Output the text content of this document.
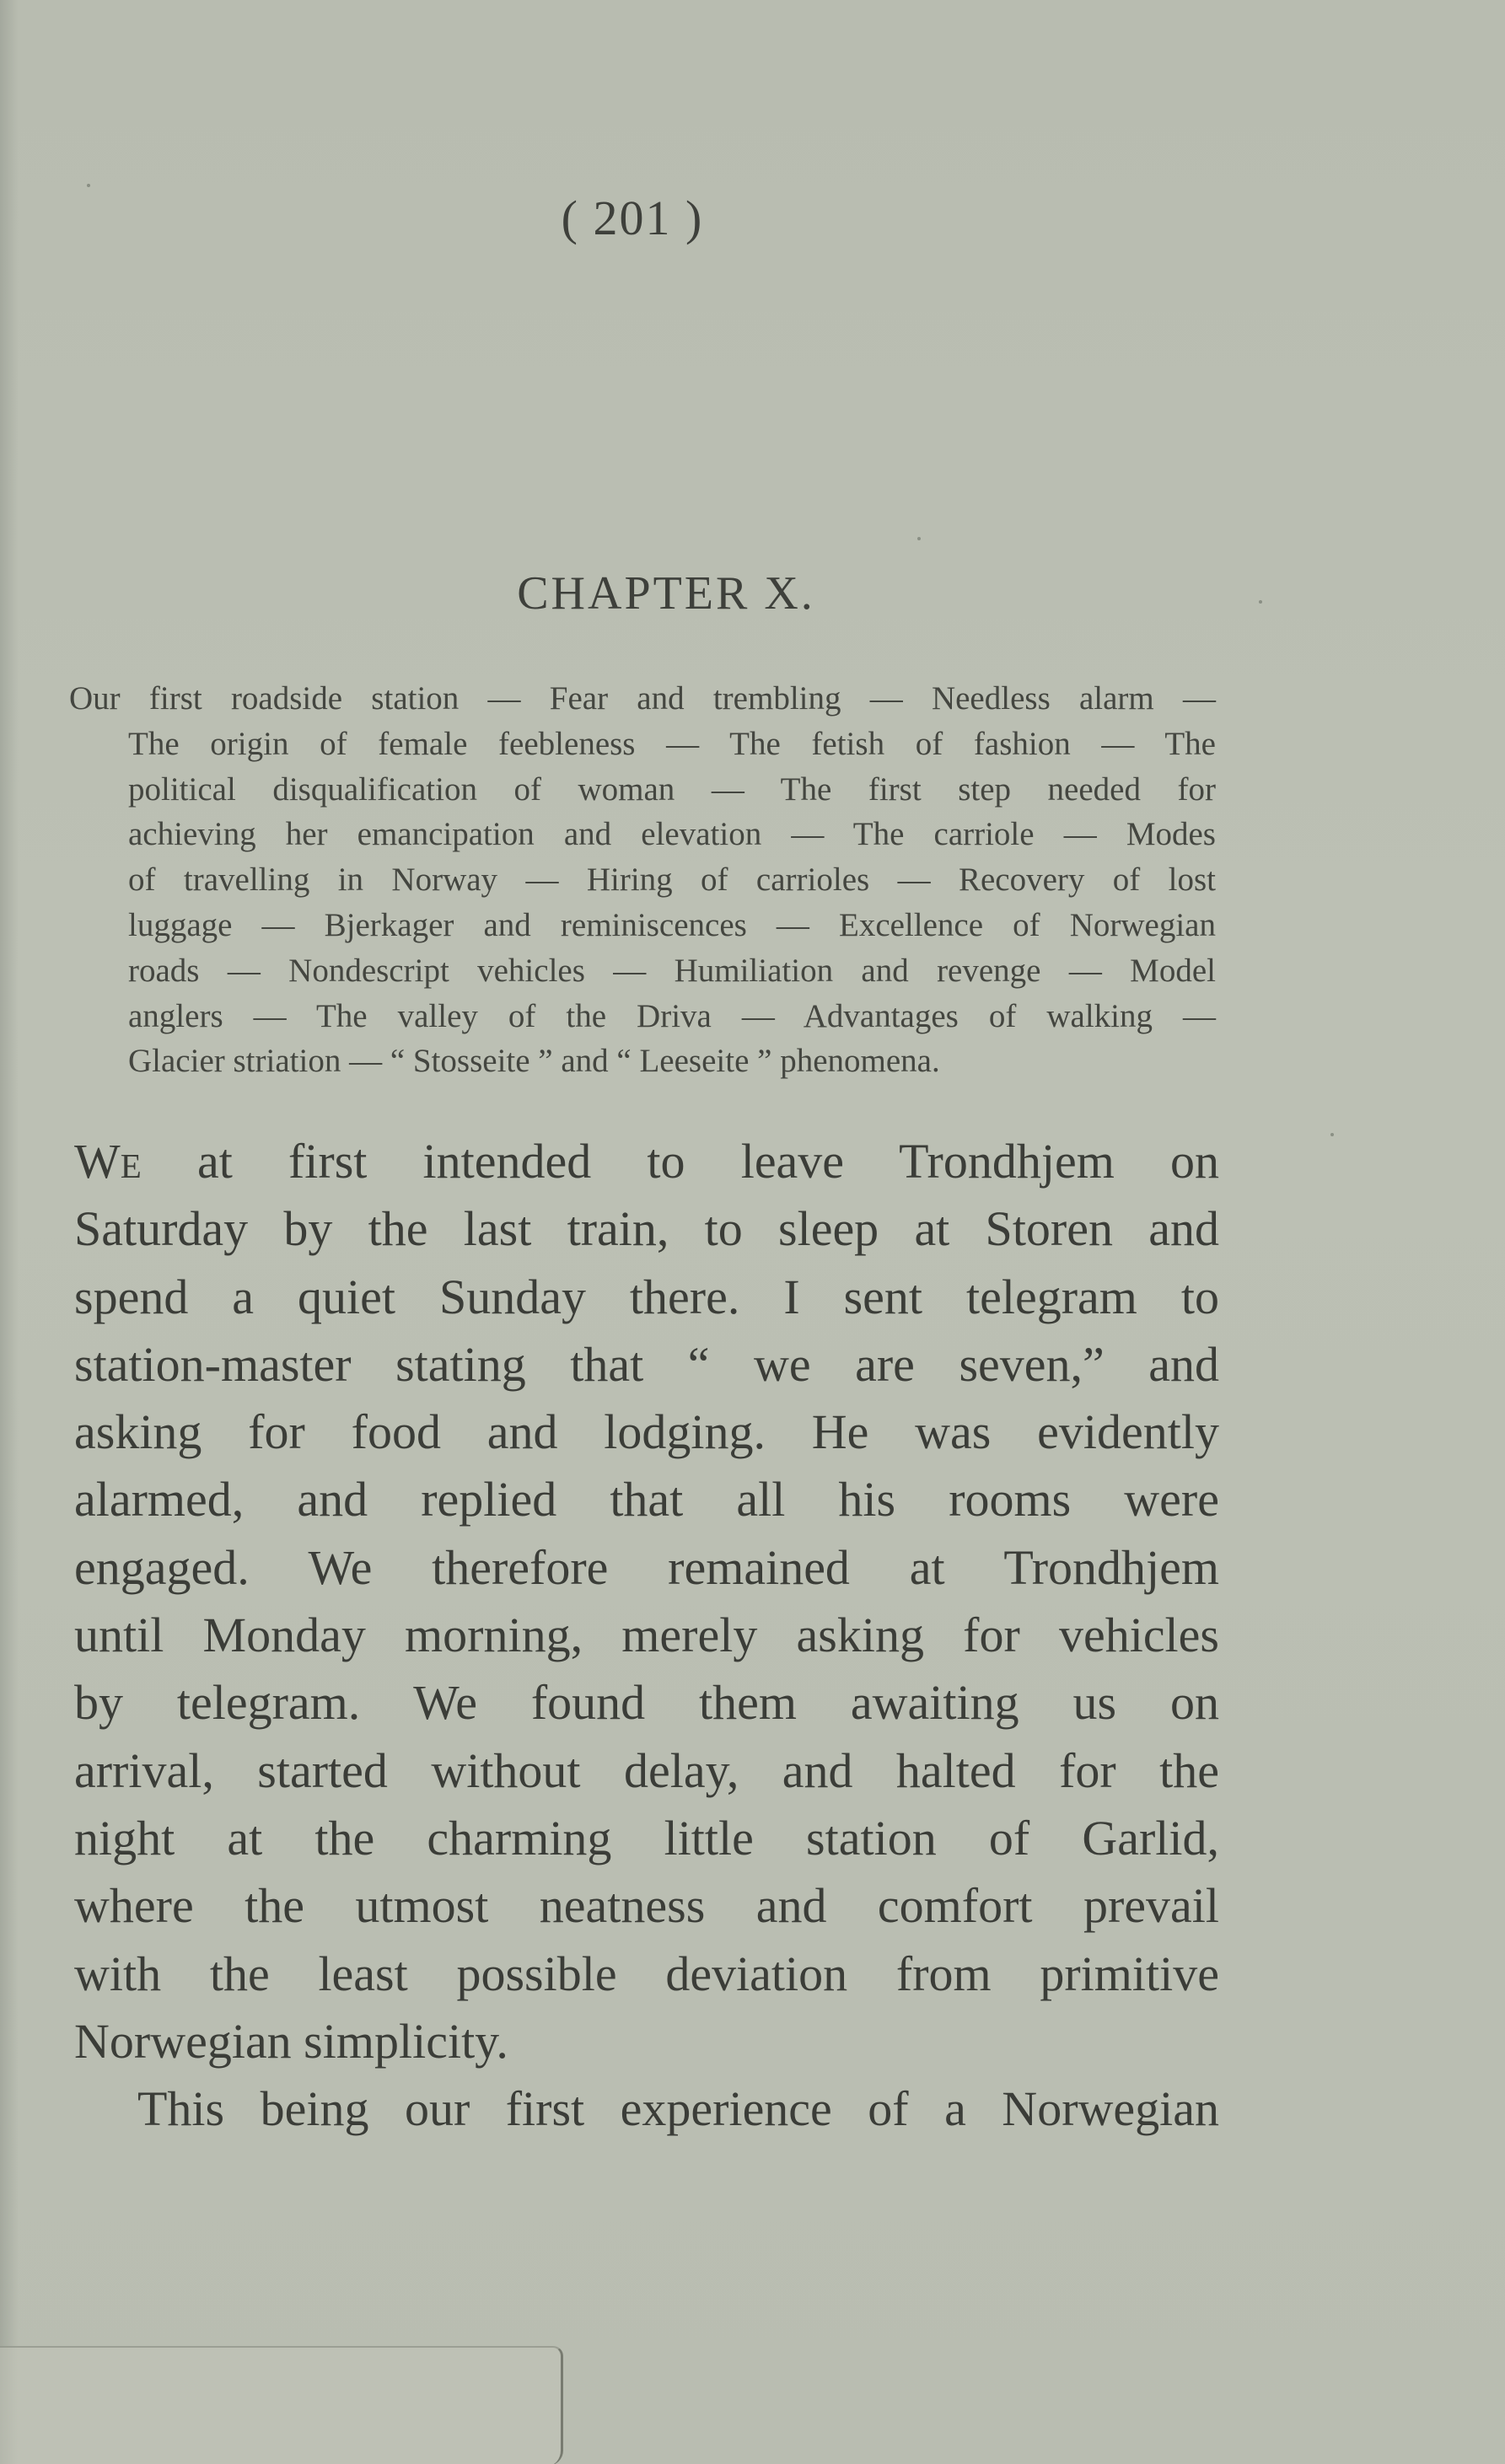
( 201 )
CHAPTER X.
Our first roadside station — Fear and trembling — Needless alarm —
The origin of female feebleness — The fetish of fashion — The
political disqualification of woman — The first step needed for
achieving her emancipation and elevation — The carriole — Modes
of travelling in Norway — Hiring of carrioles — Recovery of lost
luggage — Bjerkager and reminiscences — Excellence of Norwegian
roads — Nondescript vehicles — Humiliation and revenge — Model
anglers — The valley of the Driva — Advantages of walking —
Glacier striation — “ Stosseite ” and “ Leeseite ” phenomena.
We at first intended to leave Trondhjem on
Saturday by the last train, to sleep at Storen and
spend a quiet Sunday there. I sent telegram to
station-master stating that “ we are seven,” and
asking for food and lodging. He was evidently
alarmed, and replied that all his rooms were
engaged. We therefore remained at Trondhjem
until Monday morning, merely asking for vehicles
by telegram. We found them awaiting us on
arrival, started without delay, and halted for the
night at the charming little station of Garlid,
where the utmost neatness and comfort prevail
with the least possible deviation from primitive
Norwegian simplicity.
This being our first experience of a Norwegian
